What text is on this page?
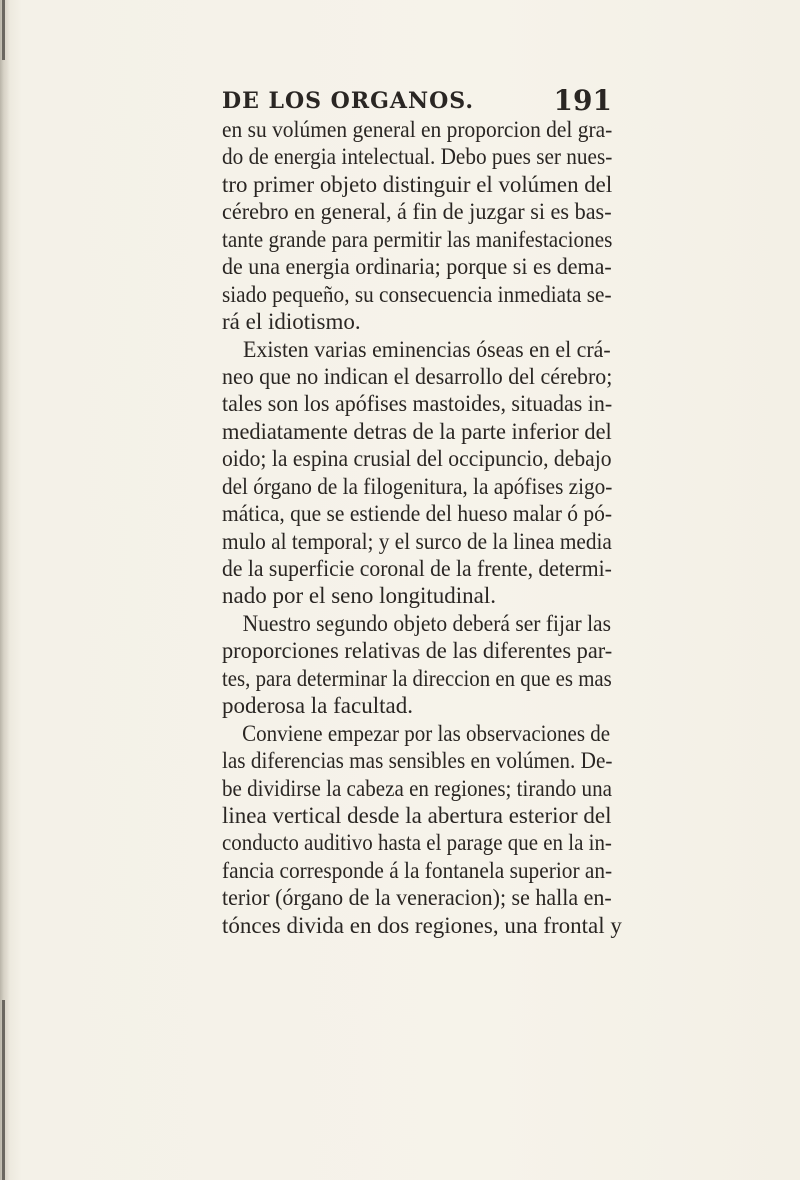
DE LOS ORGANOS.	191
en su volúmen general en proporcion del gra-
do de energia intelectual. Debo pues ser nues-
tro primer objeto distinguir el volúmen del
cérebro en general, á fin de juzgar si es bas-
tante grande para permitir las manifestaciones
de una energia ordinaria; porque si es dema-
siado pequeño, su consecuencia inmediata se-
rá el idiotismo.
Existen varias eminencias óseas en el crá-
neo que no indican el desarrollo del cérebro;
tales son los apófises mastoides, situadas in-
mediatamente detras de la parte inferior del
oido; la espina crusial del occipuncio, debajo
del órgano de la filogenitura, la apófises zigo-
mática, que se estiende del hueso malar ó pó-
mulo al temporal; y el surco de la linea media
de la superficie coronal de la frente, determi-
nado por el seno longitudinal.
Nuestro segundo objeto deberá ser fijar las
proporciones relativas de las diferentes par-
tes, para determinar la direccion en que es mas
poderosa la facultad.
Conviene empezar por las observaciones de
las diferencias mas sensibles en volúmen. De-
be dividirse la cabeza en regiones; tirando una
linea vertical desde la abertura esterior del
conducto auditivo hasta el parage que en la in-
fancia corresponde á la fontanela superior an-
terior (órgano de la veneracion); se halla en-
tónces divida en dos regiones, una frontal y
